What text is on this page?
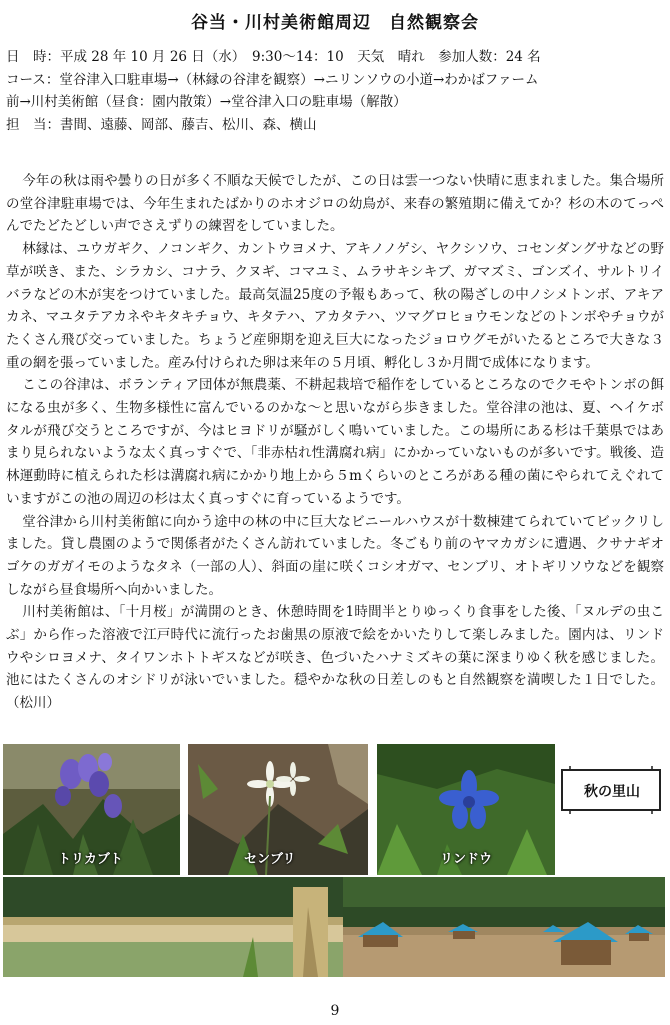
谷当・川村美術館周辺　自然観察会

日　時：平成 28 年 10 月 26 日（水）　9:30〜14：10　天気　晴れ　参加人数：24 名

コース：堂谷津入口駐車場→（林縁の谷津を観察）→ニリンソウの小道→わかばファーム

前→川村美術館（昼食：園内散策）→堂谷津入口の駐車場（解散）

担　当：書間、遠藤、岡部、藤吉、松川、森、横山

今年の秋は雨や曇りの日が多く不順な天候でしたが、この日は雲一つない快晴に恵まれました。集合場所の堂谷津駐車場では、今年生まれたばかりのホオジロの幼鳥が、来春の繁殖期に備えてか？杉の木のてっぺんでたどたどしい声でさえずりの練習をしていました。

林縁は、ユウガギク、ノコンギク、カントウヨメナ、アキノノゲシ、ヤクシソウ、コセンダングサなどの野草が咲き、また、シラカシ、コナラ、クヌギ、コマユミ、ムラサキシキブ、ガマズミ、ゴンズイ、サルトリイバラなどの木が実をつけていました。最高気温25度の予報もあって、秋の陽ざしの中ノシメトンボ、アキアカネ、マユタテアカネやキタキチョウ、キタテハ、アカタテハ、ツマグロヒョウモンなどのトンボやチョウがたくさん飛び交っていました。ちょうど産卵期を迎え巨大になったジョロウグモがいたるところで大きな３重の網を張っていました。産み付けられた卵は来年の５月頃、孵化し３か月間で成体になります。

ここの谷津は、ボランティア団体が無農薬、不耕起栽培で稲作をしているところなのでクモやトンボの餌になる虫が多く、生物多様性に富んでいるのかな〜と思いながら歩きました。堂谷津の池は、夏、ヘイケボタルが飛び交うところですが、今はヒヨドリが騒がしく鳴いていました。この場所にある杉は千葉県ではあまり見られないような太く真っすぐで、「非赤枯れ性溝腐れ病」にかかっていないものが多いです。戦後、造林運動時に植えられた杉は溝腐れ病にかかり地上から５mくらいのところがある種の菌にやられてえぐれていますがこの池の周辺の杉は太く真っすぐに育っているようです。

堂谷津から川村美術館に向かう途中の林の中に巨大なビニールハウスが十数棟建てられていてビックリしました。貸し農園のようで関係者がたくさん訪れていました。冬ごもり前のヤマカガシに遭遇、クサナギオゴケのガガイモのようなタネ（一部の人）、斜面の崖に咲くコシオガマ、センブリ、オトギリソウなどを観察しながら昼食場所へ向かいました。

川村美術館は、「十月桜」が満開のとき、休憩時間を1時間半とりゆっくり食事をした後、「ヌルデの虫こぶ」から作った溶液で江戸時代に流行ったお歯黒の原液で絵をかいたりして楽しみました。園内は、リンドウやシロヨメナ、タイワンホトトギスなどが咲き、色づいたハナミズキの葉に深まりゆく秋を感じました。池にはたくさんのオシドリが泳いでいました。穏やかな秋の日差しのもと自然観察を満喫した１日でした。（松川）

トリカブト	センブリ	リンドウ
秋の里山
9
